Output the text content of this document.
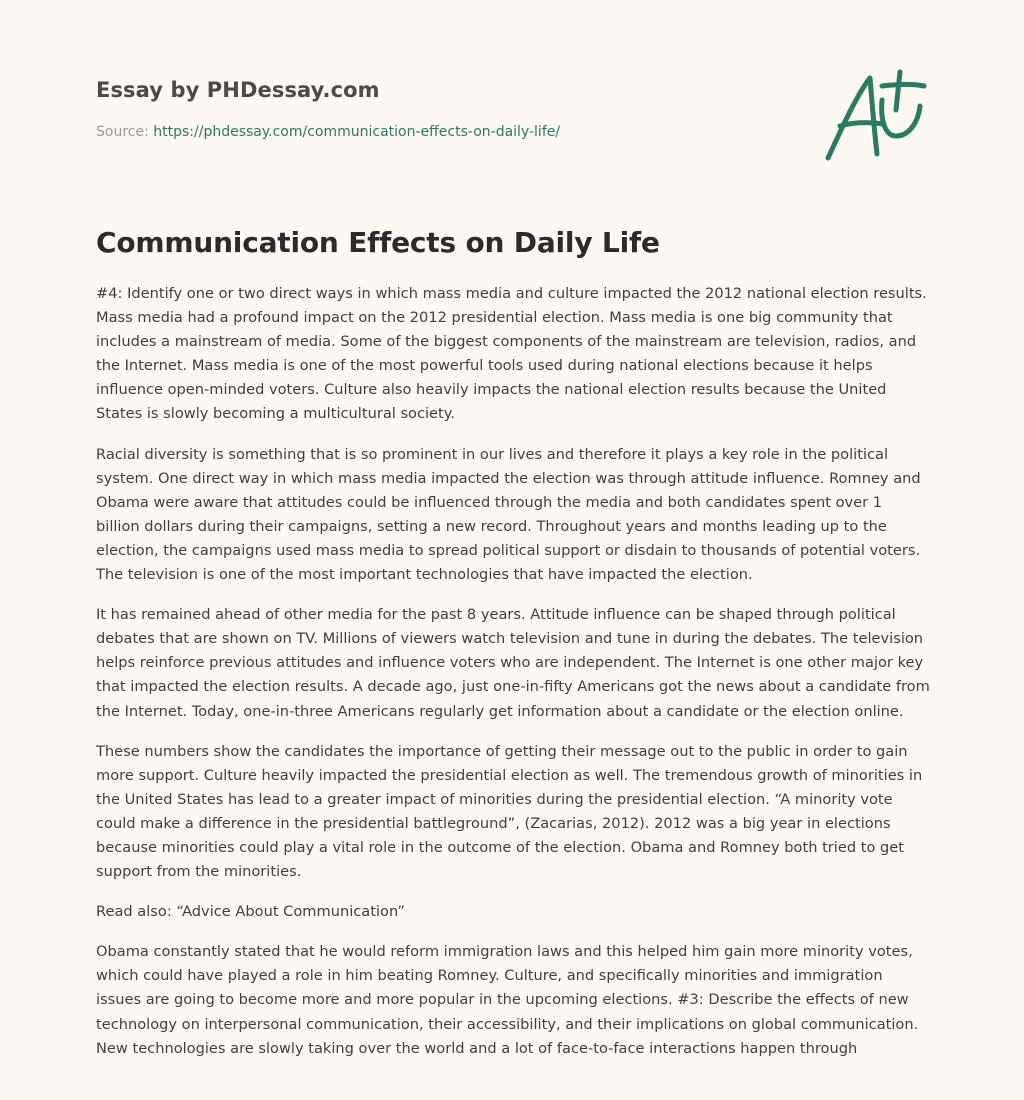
Essay by PHDessay.com

Source: https://phdessay.com/communication-effects-on-daily-life/

Communication Effects on Daily Life

#4: Identify one or two direct ways in which mass media and culture impacted the 2012 national election results. Mass media had a profound impact on the 2012 presidential election. Mass media is one big community that includes a mainstream of media. Some of the biggest components of the mainstream are television, radios, and the Internet. Mass media is one of the most powerful tools used during national elections because it helps influence open-minded voters. Culture also heavily impacts the national election results because the United States is slowly becoming a multicultural society.

Racial diversity is something that is so prominent in our lives and therefore it plays a key role in the political system. One direct way in which mass media impacted the election was through attitude influence. Romney and Obama were aware that attitudes could be influenced through the media and both candidates spent over 1 billion dollars during their campaigns, setting a new record. Throughout years and months leading up to the election, the campaigns used mass media to spread political support or disdain to thousands of potential voters. The television is one of the most important technologies that have impacted the election.

It has remained ahead of other media for the past 8 years. Attitude influence can be shaped through political debates that are shown on TV. Millions of viewers watch television and tune in during the debates. The television helps reinforce previous attitudes and influence voters who are independent. The Internet is one other major key that impacted the election results. A decade ago, just one-in-fifty Americans got the news about a candidate from the Internet. Today, one-in-three Americans regularly get information about a candidate or the election online.

These numbers show the candidates the importance of getting their message out to the public in order to gain more support. Culture heavily impacted the presidential election as well. The tremendous growth of minorities in the United States has lead to a greater impact of minorities during the presidential election. “A minority vote could make a difference in the presidential battleground”, (Zacarias, 2012). 2012 was a big year in elections because minorities could play a vital role in the outcome of the election. Obama and Romney both tried to get support from the minorities.

Read also: “Advice About Communication”

Obama constantly stated that he would reform immigration laws and this helped him gain more minority votes, which could have played a role in him beating Romney. Culture, and specifically minorities and immigration issues are going to become more and more popular in the upcoming elections. #3: Describe the effects of new technology on interpersonal communication, their accessibility, and their implications on global communication. New technologies are slowly taking over the world and a lot of face-to-face interactions happen through
